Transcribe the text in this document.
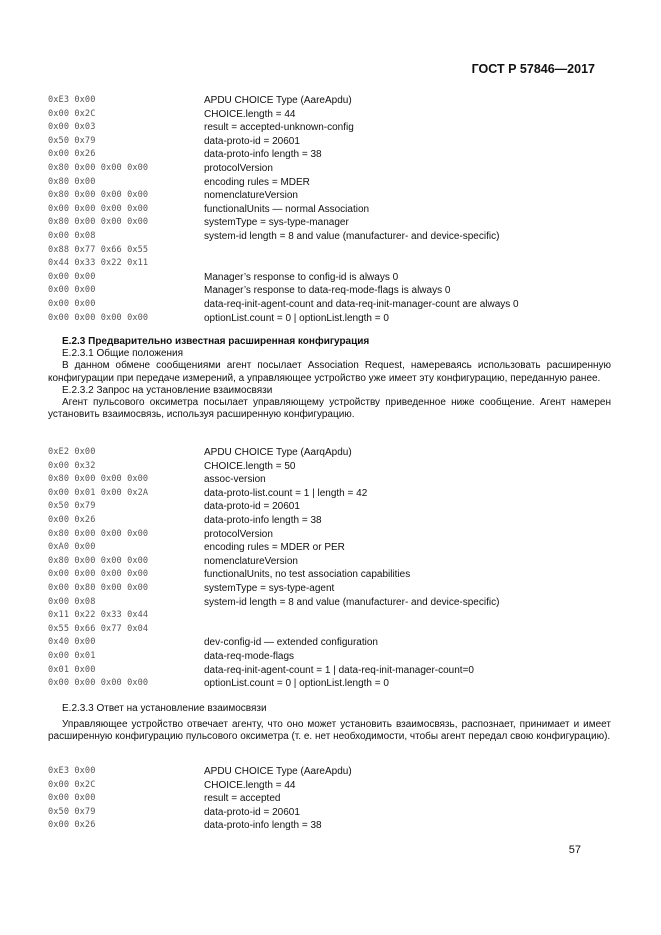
ГОСТ Р 57846—2017
0xE3 0x00	APDU CHOICE Type (AareApdu)
0x00 0x2C	CHOICE.length = 44
0x00 0x03	result = accepted-unknown-config
0x50 0x79	data-proto-id = 20601
0x00 0x26	data-proto-info length = 38
0x80 0x00 0x00 0x00	protocolVersion
0x80 0x00	encoding rules = MDER
0x80 0x00 0x00 0x00	nomenclatureVersion
0x00 0x00 0x00 0x00	functionalUnits — normal Association
0x80 0x00 0x00 0x00	systemType = sys-type-manager
0x00 0x08	system-id length = 8 and value (manufacturer- and device-specific)
0x88 0x77 0x66 0x55
0x44 0x33 0x22 0x11
0x00 0x00	Manager’s response to config-id is always 0
0x00 0x00	Manager’s response to data-req-mode-flags is always 0
0x00 0x00	data-req-init-agent-count and data-req-init-manager-count are always 0
0x00 0x00 0x00 0x00	optionList.count = 0 | optionList.length = 0
Е.2.3 Предварительно известная расширенная конфигурация
Е.2.3.1 Общие положения
В данном обмене сообщениями агент посылает Association Request, намереваясь использовать расширенную конфигурации при передаче измерений, а управляющее устройство уже имеет эту конфигурацию, переданную ранее.
Е.2.3.2 Запрос на установление взаимосвязи
Агент пульсового оксиметра посылает управляющему устройству приведенное ниже сообщение. Агент намерен установить взаимосвязь, используя расширенную конфигурацию.
0xE2 0x00	APDU CHOICE Type (AarqApdu)
0x00 0x32	CHOICE.length = 50
0x80 0x00 0x00 0x00	assoc-version
0x00 0x01 0x00 0x2A	data-proto-list.count = 1 | length = 42
0x50 0x79	data-proto-id = 20601
0x00 0x26	data-proto-info length = 38
0x80 0x00 0x00 0x00	protocolVersion
0xA0 0x00	encoding rules = MDER or PER
0x80 0x00 0x00 0x00	nomenclatureVersion
0x00 0x00 0x00 0x00	functionalUnits, no test association capabilities
0x00 0x80 0x00 0x00	systemType = sys-type-agent
0x00 0x08	system-id length = 8 and value (manufacturer- and device-specific)
0x11 0x22 0x33 0x44
0x55 0x66 0x77 0x04
0x40 0x00	dev-config-id — extended configuration
0x00 0x01	data-req-mode-flags
0x01 0x00	data-req-init-agent-count = 1 | data-req-init-manager-count=0
0x00 0x00 0x00 0x00	optionList.count = 0 | optionList.length = 0
Е.2.3.3 Ответ на установление взаимосвязи
Управляющее устройство отвечает агенту, что оно может установить взаимосвязь, распознает, принимает и имеет расширенную конфигурацию пульсового оксиметра (т. е. нет необходимости, чтобы агент передал свою конфигурацию).
0xE3 0x00	APDU CHOICE Type (AareApdu)
0x00 0x2C	CHOICE.length = 44
0x00 0x00	result = accepted
0x50 0x79	data-proto-id = 20601
0x00 0x26	data-proto-info length = 38
57
